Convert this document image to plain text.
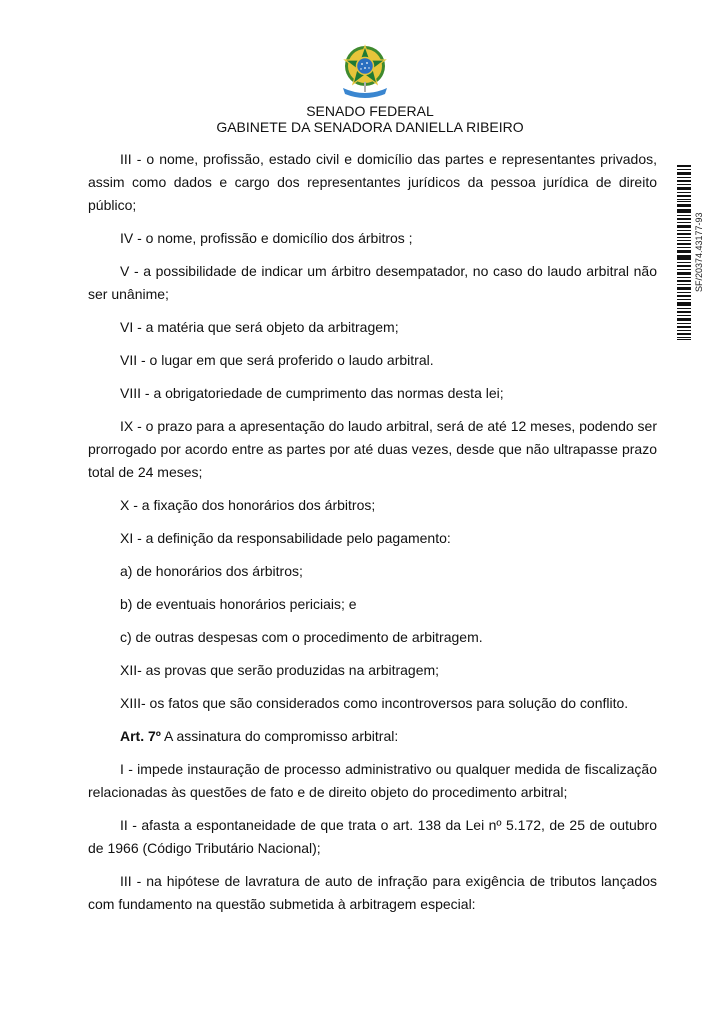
SENADO FEDERAL
GABINETE DA SENADORA DANIELLA RIBEIRO
SF/20374.43177-93

III - o nome, profissão, estado civil e domicílio das partes e representantes privados, assim como dados e cargo dos representantes jurídicos da pessoa jurídica de direito público;

IV - o nome, profissão e domicílio dos árbitros ;

V - a possibilidade de indicar um árbitro desempatador, no caso do laudo arbitral não ser unânime;

VI - a matéria que será objeto da arbitragem;

VII - o lugar em que será proferido o laudo arbitral.

VIII - a obrigatoriedade de cumprimento das normas desta lei;

IX - o prazo para a apresentação do laudo arbitral, será de até 12 meses, podendo ser prorrogado por acordo entre as partes por até duas vezes, desde que não ultrapasse prazo total de 24 meses;

X - a fixação dos honorários dos árbitros;

XI - a definição da responsabilidade pelo pagamento:

a) de honorários dos árbitros;

b) de eventuais honorários periciais; e

c) de outras despesas com o procedimento de arbitragem.

XII- as provas que serão produzidas na arbitragem;

XIII- os fatos que são considerados como incontroversos para solução do conflito.

Art. 7º A assinatura do compromisso arbitral:

I - impede instauração de processo administrativo ou qualquer medida de fiscalização relacionadas às questões de fato e de direito objeto do procedimento arbitral;

II - afasta a espontaneidade de que trata o art. 138 da Lei nº 5.172, de 25 de outubro de 1966 (Código Tributário Nacional);

III - na hipótese de lavratura de auto de infração para exigência de tributos lançados com fundamento na questão submetida à arbitragem especial:
